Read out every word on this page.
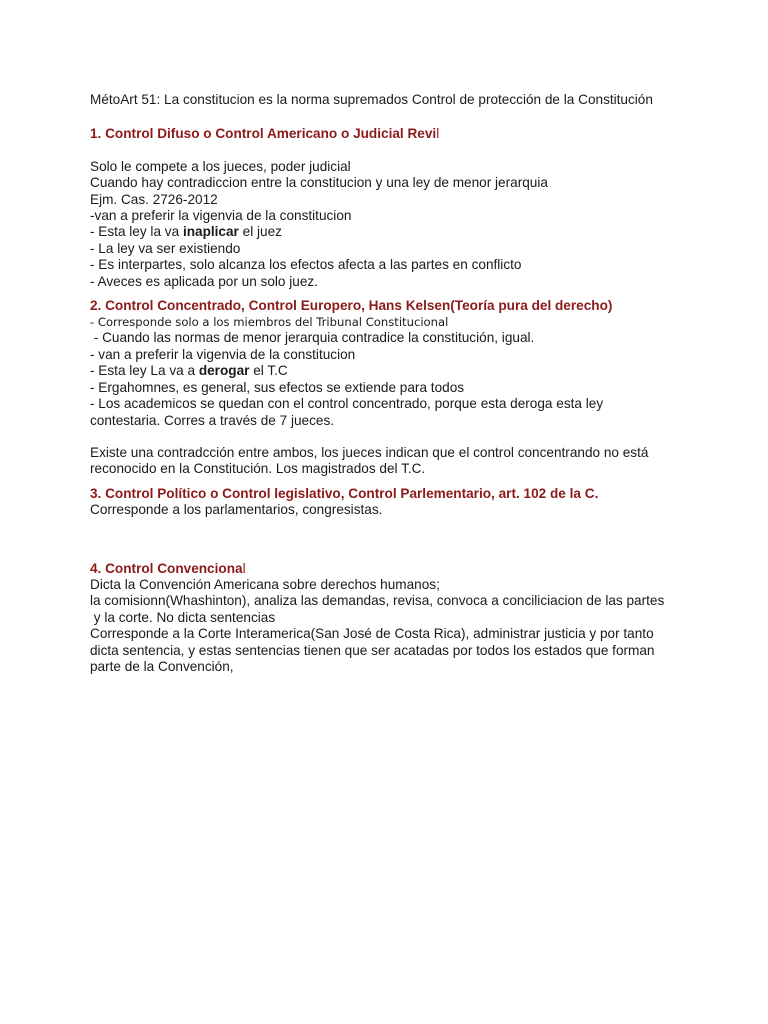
MétoArt 51: La constitucion es la norma supremados Control de protección de la Constitución
1. Control Difuso o Control Americano o Judicial Revil
Solo le compete a los jueces, poder judicial
Cuando hay contradiccion entre la constitucion y una ley de menor jerarquia
Ejm. Cas. 2726-2012
-van a preferir la vigenvia de la constitucion
- Esta ley la va inaplicar el juez
- La ley va ser existiendo
- Es interpartes, solo alcanza los efectos afecta a las partes en conflicto
- Aveces es aplicada por un solo juez.
2. Control Concentrado, Control Europero, Hans Kelsen(Teoría pura del derecho)
- Corresponde solo a los miembros del Tribunal Constitucional
- Cuando las normas de menor jerarquia contradice la constitución, igual.
- van a preferir la vigenvia de la constitucion
- Esta ley La va a derogar el T.C
- Ergahomnes, es general, sus efectos se extiende para todos
- Los academicos se quedan con el control concentrado, porque esta deroga esta ley
contestaria. Corres a través de 7 jueces.
Existe una contradcción entre ambos, los jueces indican que el control concentrando no está
reconocido en la Constitución. Los magistrados del T.C.
3. Control Político o Control legislativo, Control Parlementario, art. 102 de la C.
Corresponde a los parlamentarios, congresistas.
4. Control Convencional
Dicta la Convención Americana sobre derechos humanos;
la comisionn(Whashinton), analiza las demandas, revisa, convoca a conciliciacion de las partes
y la corte. No dicta sentencias
Corresponde a la Corte Interamerica(San José de Costa Rica), administrar justicia y por tanto
dicta sentencia, y estas sentencias tienen que ser acatadas por todos los estados que forman
parte de la Convención,
